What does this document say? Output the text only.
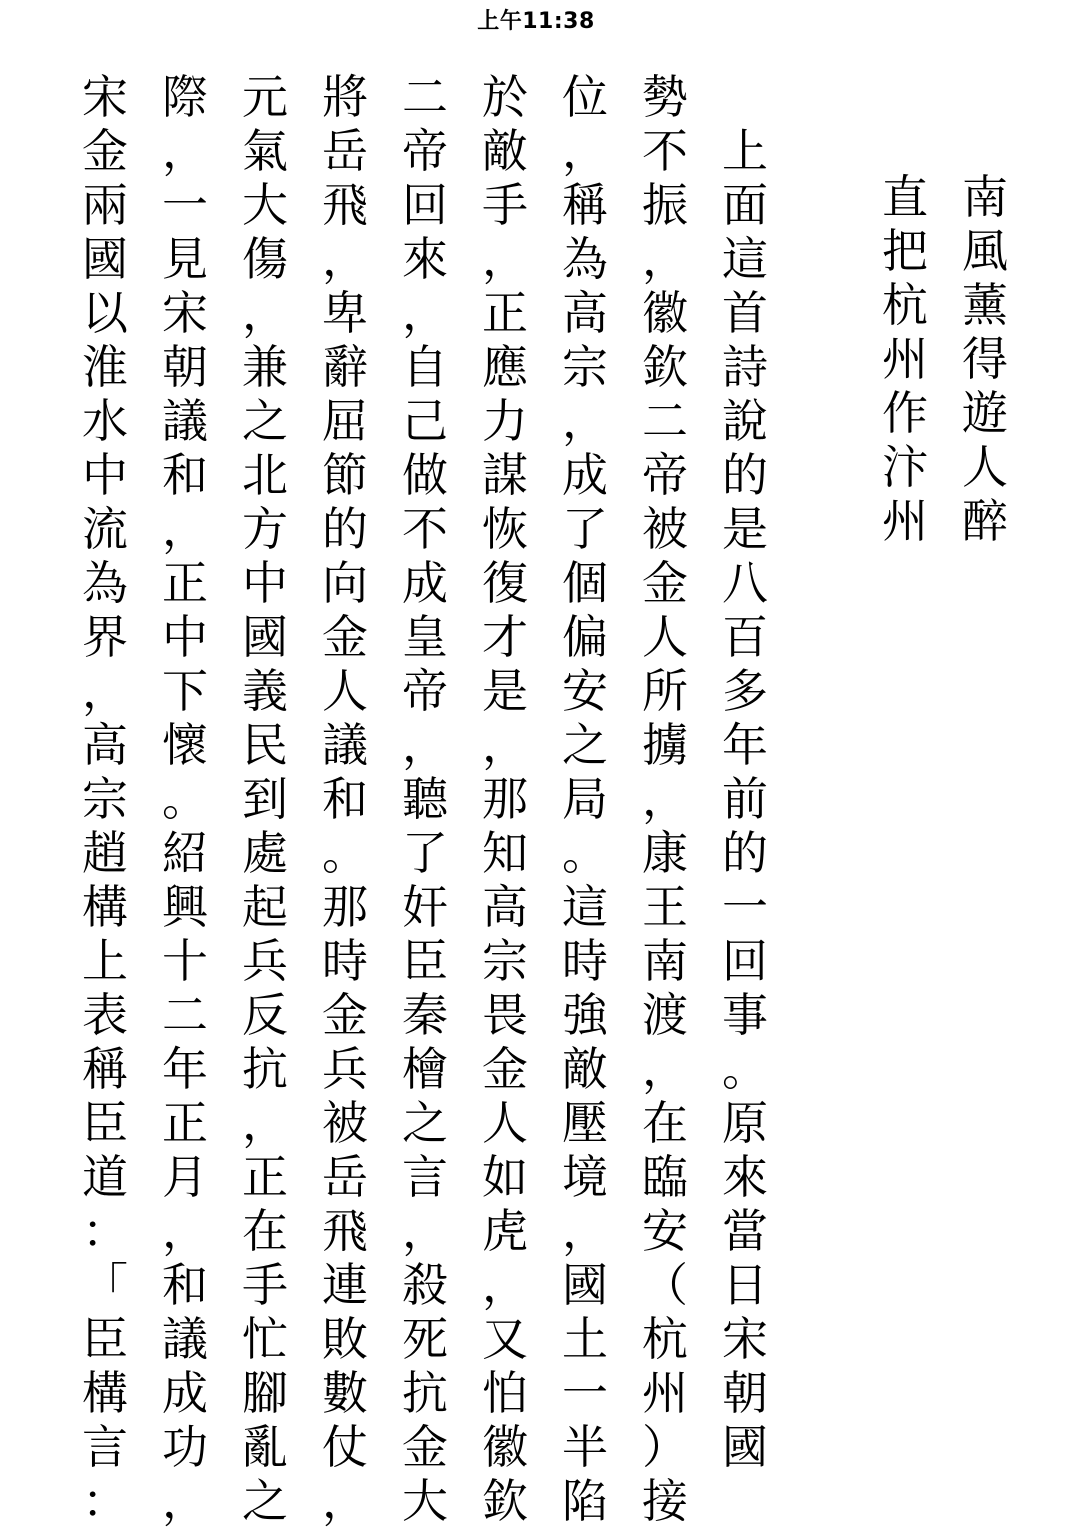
上午11:38
南
風
薰
得
遊
人
醉
直
把
杭
州
作
汴
州

上
面
這
首
詩
說
的
是
八
百
多
年
前
的
一
回
事
。
原
來
當
日
宋
朝
國
勢
不
振
，
徽
欽
二
帝
被
金
人
所
擄
，
康
王
南
渡
，
在
臨
安
（
杭
州
）
接
位
，
稱
為
高
宗
，
成
了
個
偏
安
之
局
。
這
時
強
敵
壓
境
，
國
土
一
半
陷
於
敵
手
，
正
應
力
謀
恢
復
才
是
，
那
知
高
宗
畏
金
人
如
虎
，
又
怕
徽
欽
二
帝
回
來
，
自
己
做
不
成
皇
帝
，
聽
了
奸
臣
秦
檜
之
言
，
殺
死
抗
金
大
將
岳
飛
，
卑
辭
屈
節
的
向
金
人
議
和
。
那
時
金
兵
被
岳
飛
連
敗
數
仗
，
元
氣
大
傷
，
兼
之
北
方
中
國
義
民
到
處
起
兵
反
抗
，
正
在
手
忙
腳
亂
之
際
，
一
見
宋
朝
議
和
，
正
中
下
懷
。
紹
興
十
二
年
正
月
，
和
議
成
功
，
宋
金
兩
國
以
淮
水
中
流
為
界
，
高
宗
趙
構
上
表
稱
臣
道
：
「
臣
構
言
：
